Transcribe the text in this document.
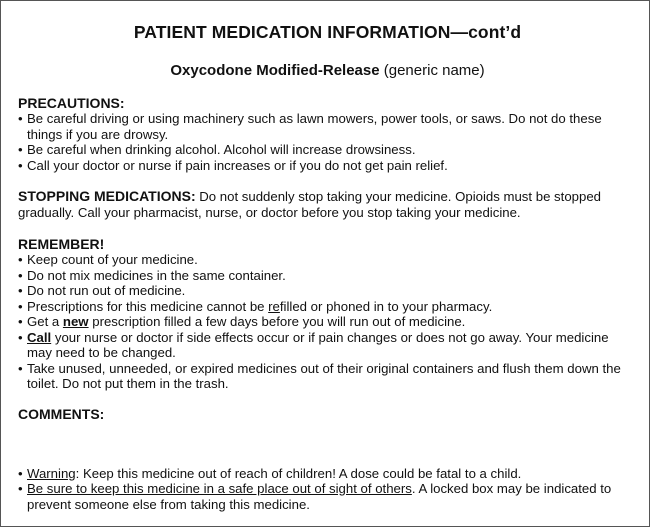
PATIENT MEDICATION INFORMATION—cont’d

Oxycodone Modified-Release (generic name)

PRECAUTIONS:
• Be careful driving or using machinery such as lawn mowers, power tools, or saws. Do not do these things if you are drowsy.
• Be careful when drinking alcohol. Alcohol will increase drowsiness.
• Call your doctor or nurse if pain increases or if you do not get pain relief.
STOPPING MEDICATIONS: Do not suddenly stop taking your medicine. Opioids must be stopped gradually. Call your pharmacist, nurse, or doctor before you stop taking your medicine.
REMEMBER!
• Keep count of your medicine.
• Do not mix medicines in the same container.
• Do not run out of medicine.
• Prescriptions for this medicine cannot be refilled or phoned in to your pharmacy.
• Get a new prescription filled a few days before you will run out of medicine.
• Call your nurse or doctor if side effects occur or if pain changes or does not go away. Your medicine may need to be changed.
• Take unused, unneeded, or expired medicines out of their original containers and flush them down the toilet. Do not put them in the trash.
COMMENTS:
• Warning: Keep this medicine out of reach of children! A dose could be fatal to a child.
• Be sure to keep this medicine in a safe place out of sight of others. A locked box may be indicated to prevent someone else from taking this medicine.
